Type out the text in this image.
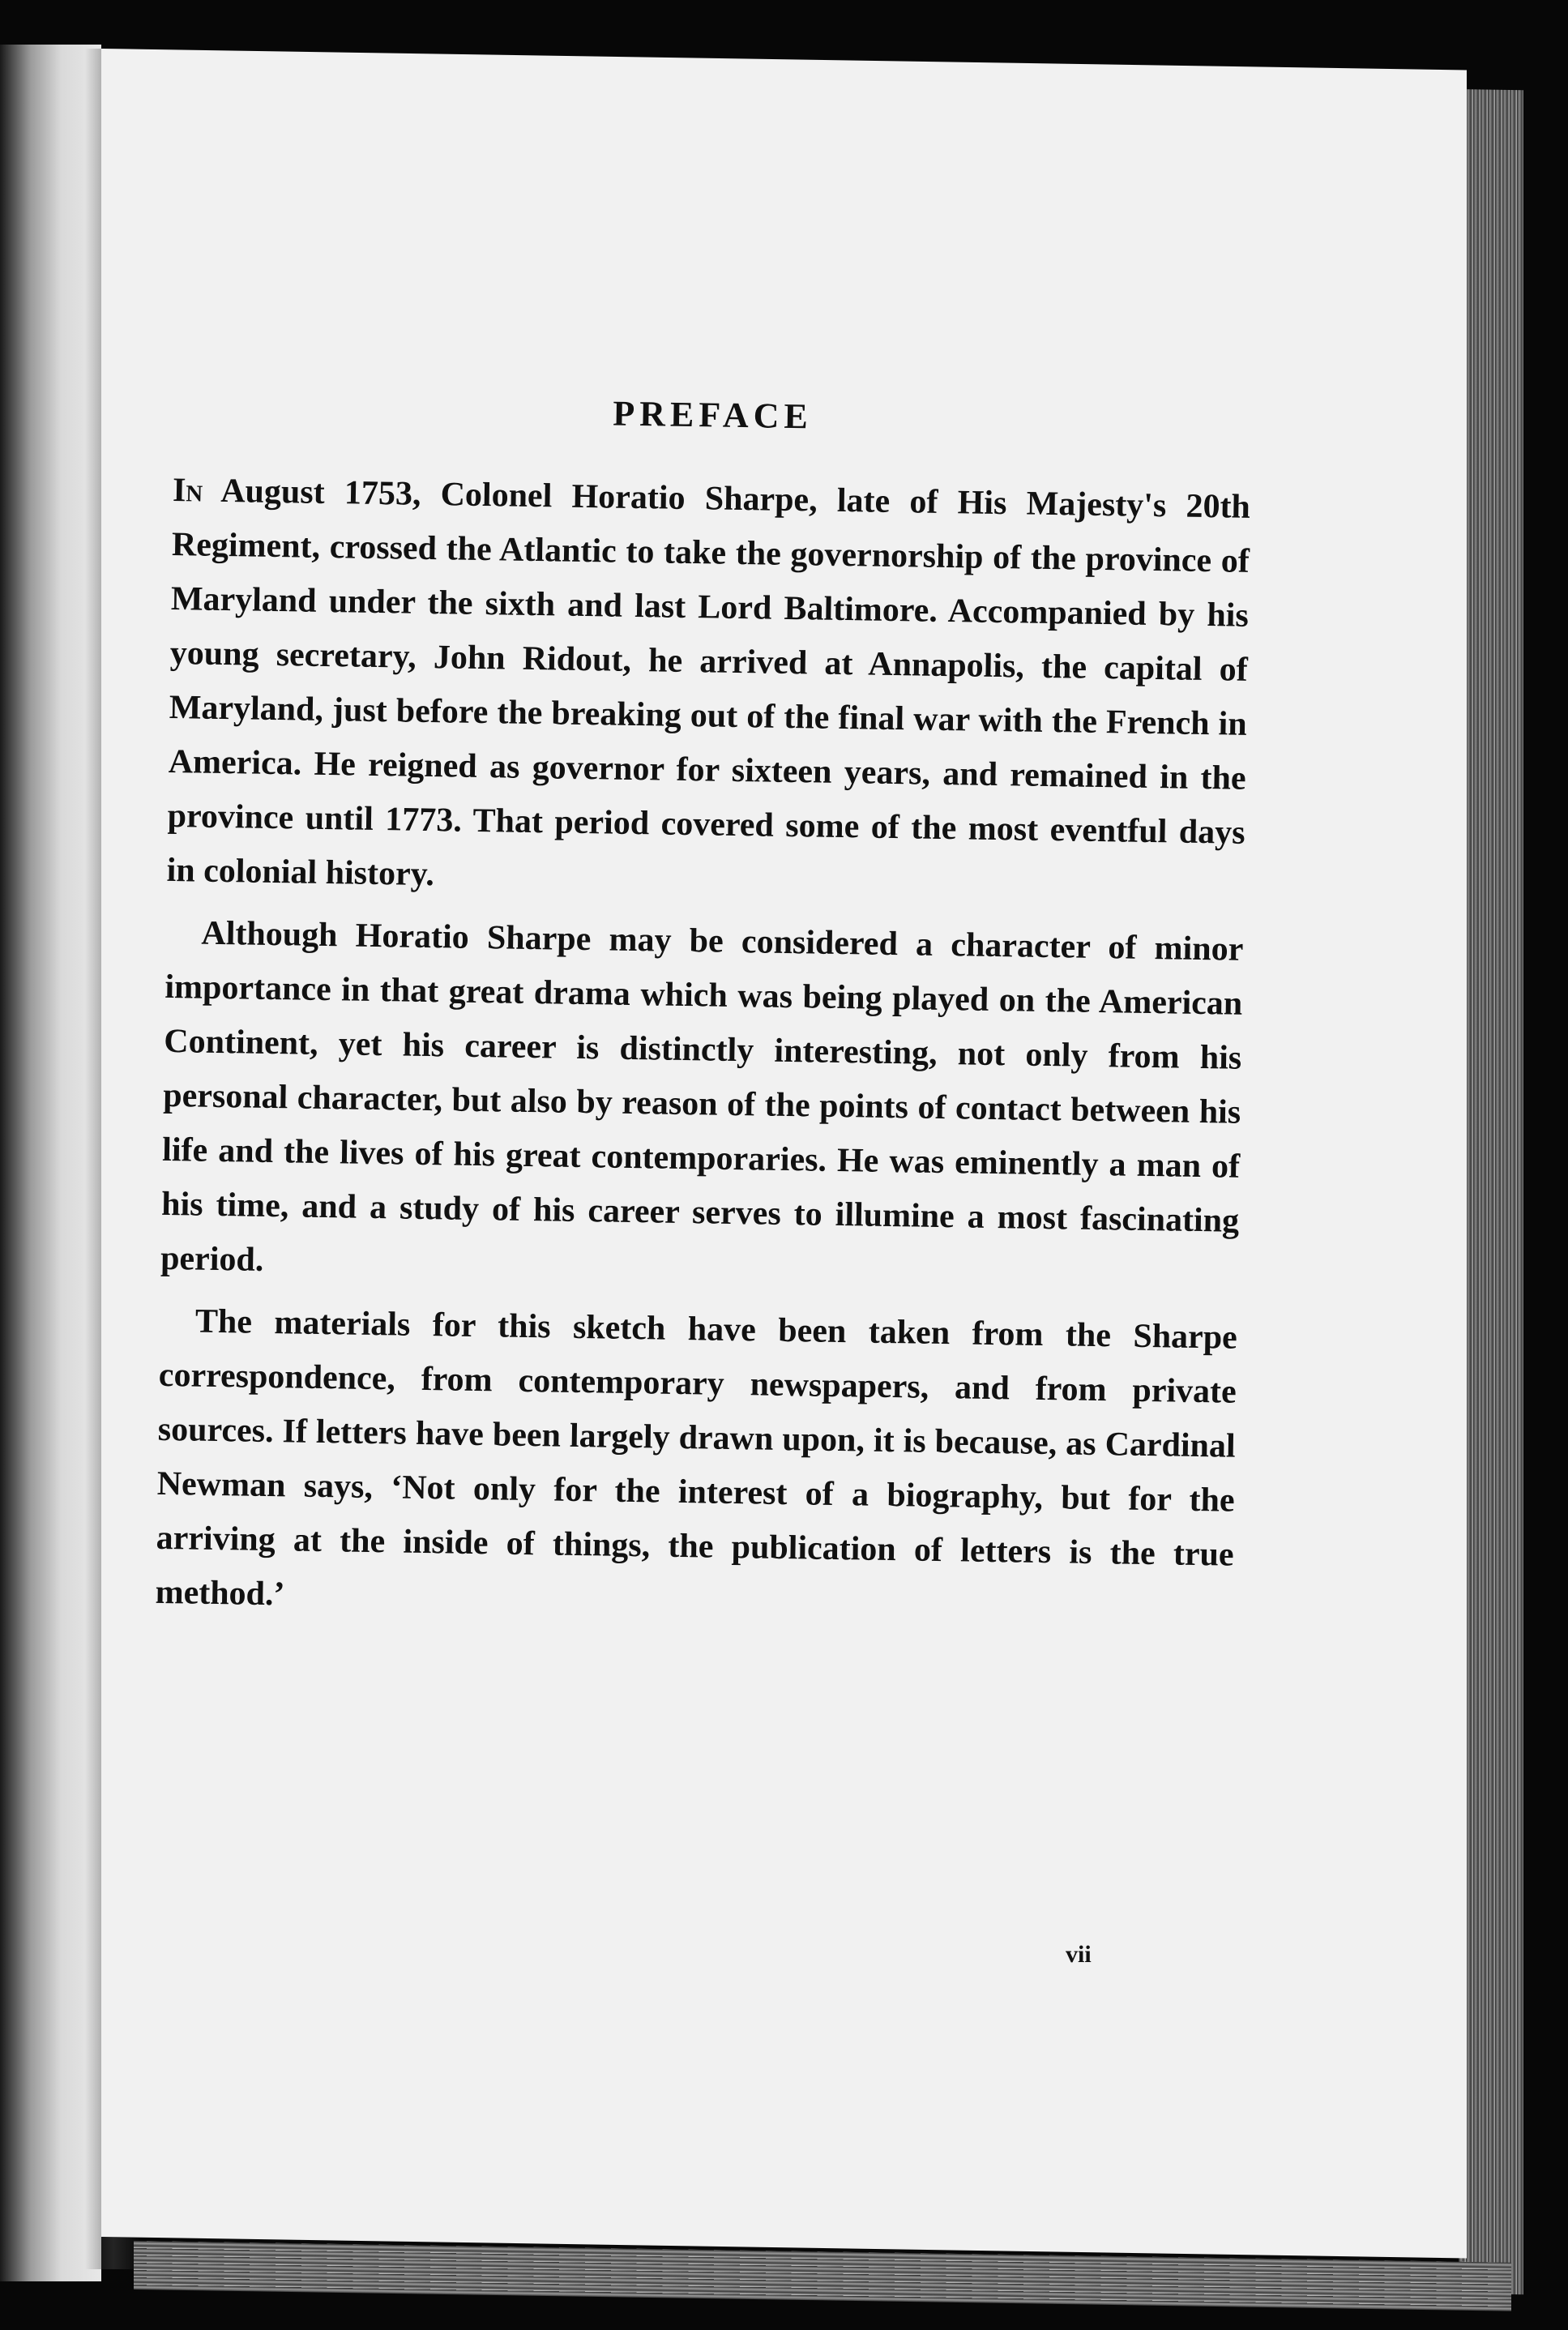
PREFACE

In August 1753, Colonel Horatio Sharpe, late of His Majesty's 20th Regiment, crossed the Atlantic to take the governorship of the province of Maryland under the sixth and last Lord Baltimore. Accompanied by his young secretary, John Ridout, he arrived at Annapolis, the capital of Maryland, just before the breaking out of the final war with the French in America. He reigned as governor for sixteen years, and remained in the province until 1773. That period covered some of the most eventful days in colonial history.

Although Horatio Sharpe may be considered a character of minor importance in that great drama which was being played on the American Continent, yet his career is distinctly interesting, not only from his personal character, but also by reason of the points of contact between his life and the lives of his great contemporaries. He was eminently a man of his time, and a study of his career serves to illumine a most fascinating period.

The materials for this sketch have been taken from the Sharpe correspondence, from contemporary newspapers, and from private sources. If letters have been largely drawn upon, it is because, as Cardinal Newman says, ‘Not only for the interest of a biography, but for the arriving at the inside of things, the publication of letters is the true method.’

vii
